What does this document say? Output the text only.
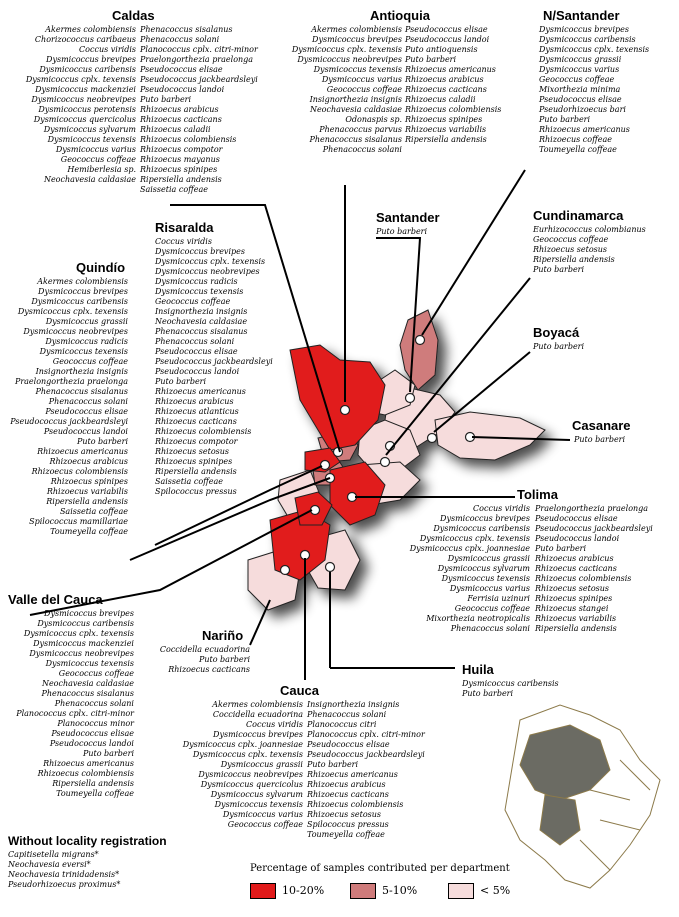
Caldas
Akermes colombiensis
Chorizococcus caribaeus
Coccus viridis
Dysmicoccus brevipes
Dysmicoccus caribensis
Dysmicoccus cplx. texensis
Dysmicoccus mackenziei
Dysmicoccus neobrevipes
Dysmicoccus perotensis
Dysmicoccus quercicolus
Dysmicoccus sylvarum
Dysmicoccus texensis
Dysmicoccus varius
Geococcus coffeae
Hemiberlesia sp.
Neochavesia caldasiae
Phenacoccus sisalanus
Phenacoccus solani
Planococcus cplx. citri-minor
Praelongorthezia praelonga
Pseudococcus elisae
Pseudococcus jackbeardsleyi
Pseudococcus landoi
Puto barberi
Rhizoecus arabicus
Rhizoecus cacticans
Rhizoecus caladii
Rhizoecus colombiensis
Rhizoecus compotor
Rhizoecus mayanus
Rhizoecus spinipes
Ripersiella andensis
Saissetia coffeae
Antioquia
Akermes colombiensis
Dysmicoccus brevipes
Dysmicoccus cplx. texensis
Dysmicoccus neobrevipes
Dysmicoccus texensis
Dysmicoccus varius
Geococcus coffeae
Insignorthezia insignis
Neochavesia caldasiae
Odonaspis sp.
Phenacoccus parvus
Phenacoccus sisalanus
Phenacoccus solani
Pseudococcus elisae
Pseudococcus landoi
Puto antioquensis
Puto barberi
Rhizoecus americanus
Rhizoecus arabicus
Rhizoecus cacticans
Rhizoecus caladii
Rhizoecus colombiensis
Rhizoecus spinipes
Rhizoecus variabilis
Ripersiella andensis
N/Santander
Dysmicoccus brevipes
Dysmicoccus caribensis
Dysmicoccus cplx. texensis
Dysmicoccus grassii
Dysmicoccus varius
Geococcus coffeae
Mixorthezia minima
Pseudococcus elisae
Pseudorhizoecus bari
Puto barberi
Rhizoecus americanus
Rhizoecus coffeae
Toumeyella coffeae
Santander
Puto barberi
Cundinamarca
Eurhizococcus colombianus
Geococcus coffeae
Rhizoecus setosus
Ripersiella andensis
Puto barberi
Boyacá
Puto barberi
Casanare
Puto barberi
Risaralda
Coccus viridis
Dysmicoccus brevipes
Dysmicoccus cplx. texensis
Dysmicoccus neobrevipes
Dysmicoccus radicis
Dysmicoccus texensis
Geococcus coffeae
Insignorthezia insignis
Neochavesia caldasiae
Phenacoccus sisalanus
Phenacoccus solani
Pseudococcus elisae
Pseudococcus jackbeardsleyi
Pseudococcus landoi
Puto barberi
Rhizoecus americanus
Rhizoecus arabicus
Rhizoecus atlanticus
Rhizoecus cacticans
Rhizoecus colombiensis
Rhizoecus compotor
Rhizoecus setosus
Rhizoecus spinipes
Ripersiella andensis
Saissetia coffeae
Spilococcus pressus
Quindío
Akermes colombiensis
Dysmicoccus brevipes
Dysmicoccus caribensis
Dysmicoccus cplx. texensis
Dysmicoccus grassii
Dysmicoccus neobrevipes
Dysmicoccus radicis
Dysmicoccus texensis
Geococcus coffeae
Insignorthezia insignis
Praelongorthezia praelonga
Phenacoccus sisalanus
Phenacoccus solani
Pseudococcus elisae
Pseudococcus jackbeardsleyi
Pseudococcus landoi
Puto barberi
Rhizoecus americanus
Rhizoecus arabicus
Rhizoecus colombiensis
Rhizoecus spinipes
Rhizoecus variabilis
Ripersiella andensis
Saissetia coffeae
Spilococcus mamillariae
Toumeyella coffeae
Tolima
Coccus viridis
Dysmicoccus brevipes
Dysmicoccus caribensis
Dysmicoccus cplx. texensis
Dysmicoccus cplx. joannesiae
Dysmicoccus grassii
Dysmicoccus sylvarum
Dysmicoccus texensis
Dysmicoccus varius
Ferrisia uzinuri
Geococcus coffeae
Mixorthezia neotropicalis
Phenacoccus solani
Praelongorthezia praelonga
Pseudococcus elisae
Pseudococcus jackbeardsleyi
Pseudococcus landoi
Puto barberi
Rhizoecus arabicus
Rhizoecus cacticans
Rhizoecus colombiensis
Rhizoecus setosus
Rhizoecus spinipes
Rhizoecus stangei
Rhizoecus variabilis
Ripersiella andensis
Valle del Cauca
Dysmicoccus brevipes
Dysmicoccus caribensis
Dysmicoccus cplx. texensis
Dysmicoccus mackenziei
Dysmicoccus neobrevipes
Dysmicoccus texensis
Geococcus coffeae
Neochavesia caldasiae
Phenacoccus sisalanus
Phenacoccus solani
Planococcus cplx. citri-minor
Planococcus minor
Pseudococcus elisae
Pseudococcus landoi
Puto barberi
Rhizoecus americanus
Rhizoecus colombiensis
Ripersiella andensis
Toumeyella coffeae
Nariño
Coccidella ecuadorina
Puto barberi
Rhizoecus cacticans	Huila
Dysmicoccus caribensis
Puto barberi
Cauca
Akermes colombiensis
Coccidella ecuadorina
Coccus viridis
Dysmicoccus brevipes
Dysmicoccus cplx. joannesiae
Dysmicoccus cplx. texensis
Dysmicoccus grassii
Dysmicoccus neobrevipes
Dysmicoccus quercicolus
Dysmicoccus sylvarum
Dysmicoccus texensis
Dysmicoccus varius
Geococcus coffeae
Insignorthezia insignis
Phenacoccus solani
Planococcus citri
Planococcus cplx. citri-minor
Pseudococcus elisae
Pseudococcus jackbeardsleyi
Puto barberi
Rhizoecus americanus
Rhizoecus arabicus
Rhizoecus cacticans
Rhizoecus colombiensis
Rhizoecus setosus
Spilococcus pressus
Toumeyella coffeae
Without locality registration
Capitisetella migrans*
Neochavesia eversi*
Neochavesia trinidadensis*
Pseudorhizoecus proximus*
Percentage of samples contributed per department
10-20%	5-10%	< 5%
